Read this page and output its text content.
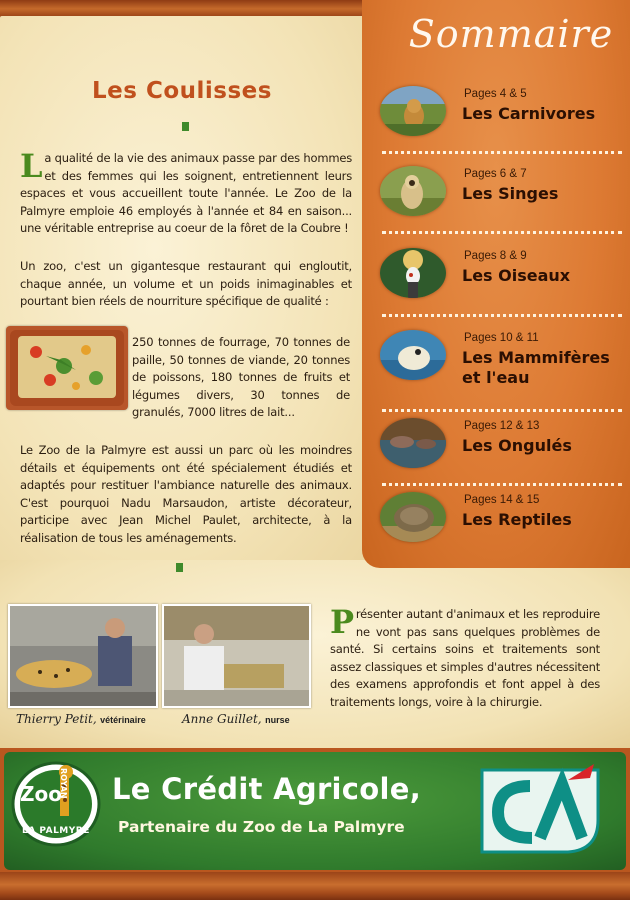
Sommaire
Pages 4 & 5
Les Carnivores
Pages 6 & 7
Les Singes
Pages 8 & 9
Les Oiseaux
Pages 10 & 11
Les Mammifères
et l'eau
Pages 12 & 13
Les Ongulés
Pages 14 & 15
Les Reptiles
Les Coulisses
La qualité de la vie des animaux passe par des hommes et des femmes qui les soignent, entretiennent leurs espaces et vous accueillent toute l'année. Le Zoo de la Palmyre emploie 46 employés à l'année et 84 en saison... une véritable entreprise au coeur de la fôret de la Coubre !
Un zoo, c'est un gigantesque restaurant qui engloutit, chaque année, un volume et un poids inimaginables et pourtant bien réels de nourriture spécifique de qualité :
250 tonnes de fourrage, 70 tonnes de paille, 50 tonnes de viande, 20 tonnes de poissons, 180 tonnes de fruits et légumes divers, 30 tonnes de granulés, 7000 litres de lait...
Le Zoo de la Palmyre est aussi un parc où les moindres détails et équipements ont été spécialement étudiés et adaptés pour restituer l'ambiance naturelle des animaux. C'est pourquoi Nadu Marsaudon, artiste décorateur, participe avec Jean Michel Paulet, architecte, à la réalisation de tous les aménagements.
Thierry Petit, vétérinaire	Anne Guillet, nurse
Présenter autant d'animaux et les reproduire ne vont pas sans quelques problèmes de santé. Si certains soins et traitements sont assez classiques et simples d'autres nécessitent des examens approfondis et font appel à des traitements longs, voire à la chirurgie.
Zoo
ROYAN
LA PALMYRE
Le Crédit Agricole,
Partenaire du Zoo de La Palmyre
